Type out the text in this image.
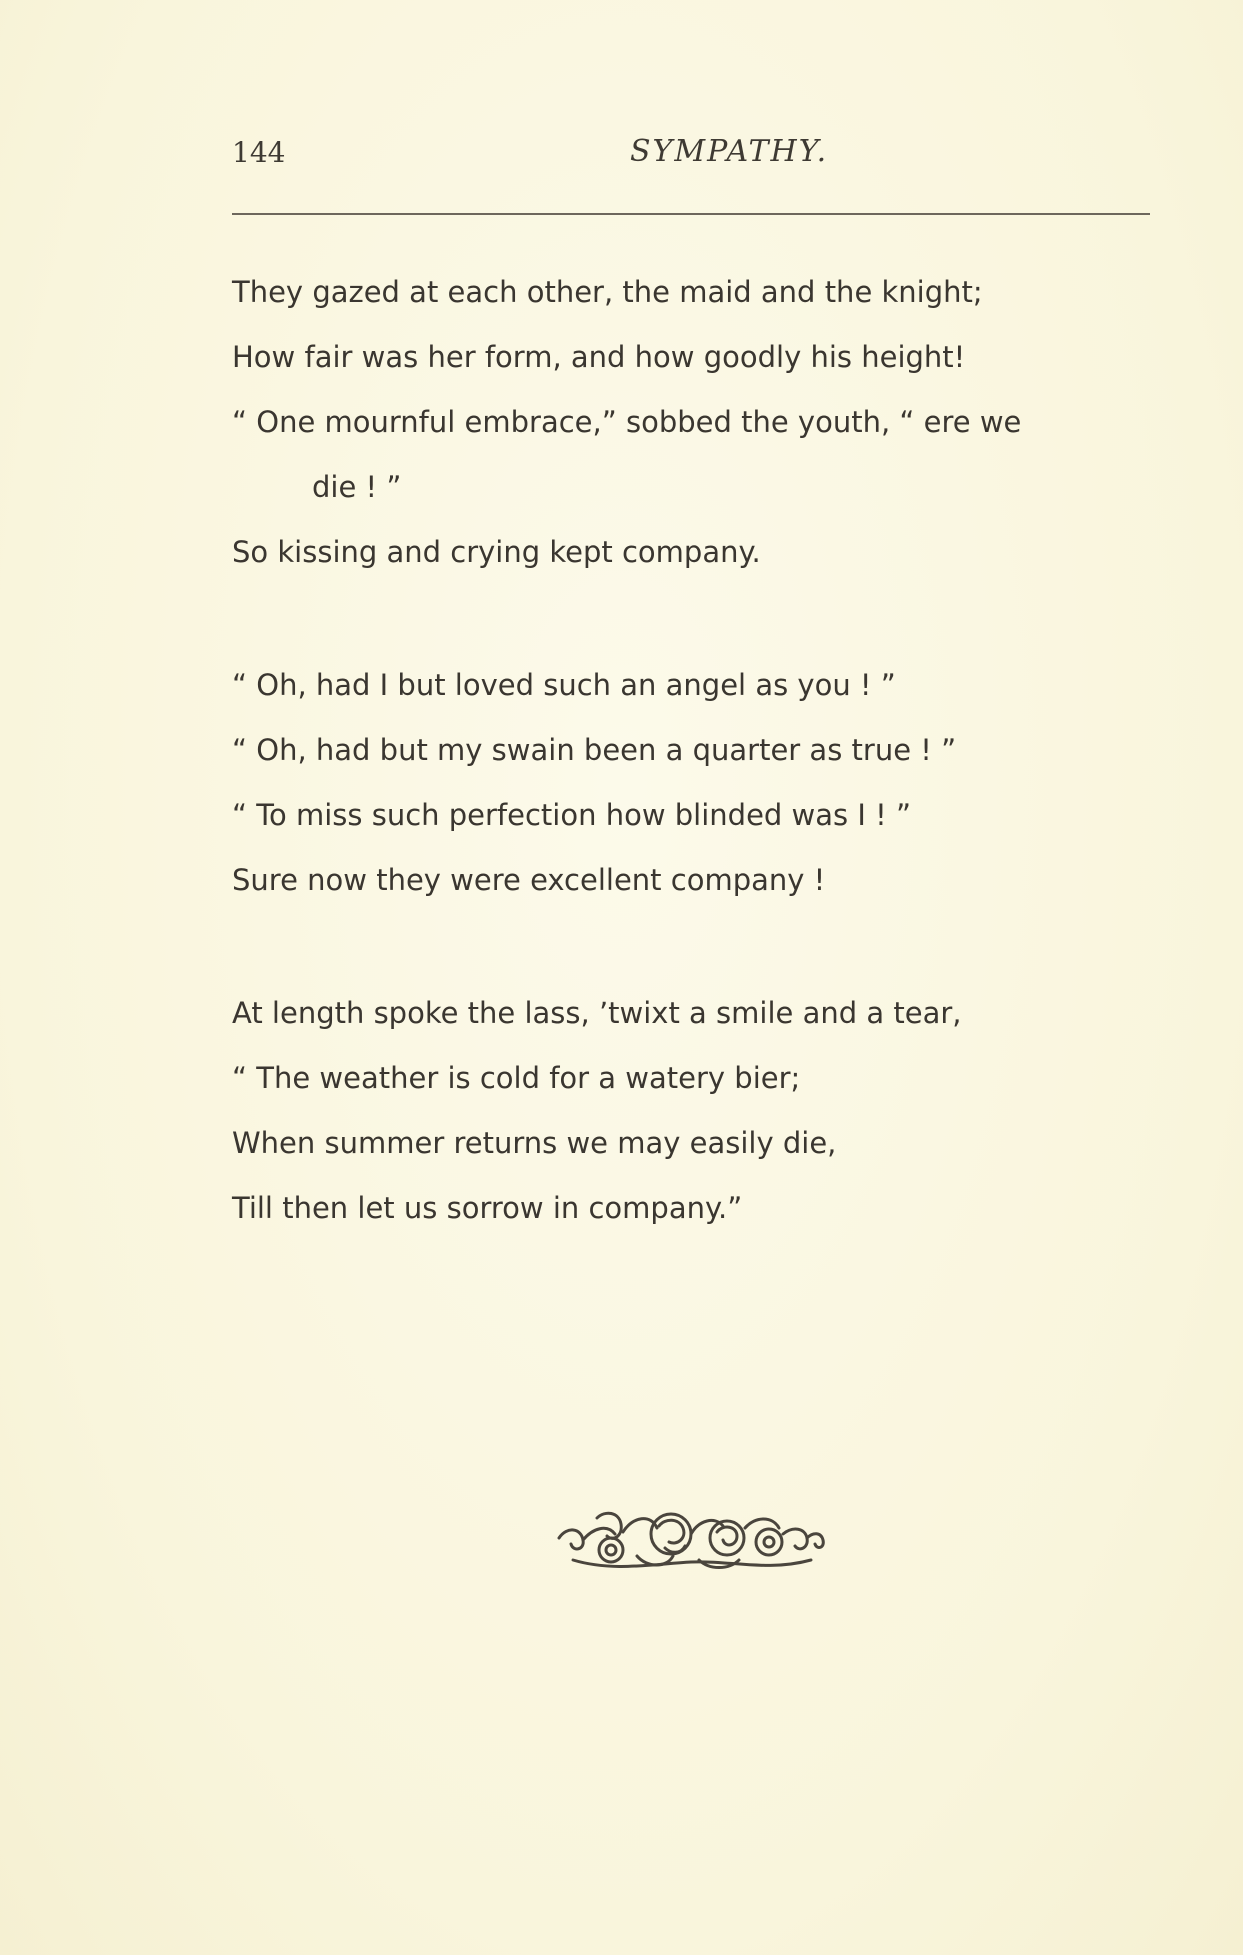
144	SYMPATHY.
They gazed at each other, the maid and the knight;
How fair was her form, and how goodly his height!
“ One mournful embrace,” sobbed the youth, “ ere we
die ! ”
So kissing and crying kept company.
“ Oh, had I but loved such an angel as you ! ”
“ Oh, had but my swain been a quarter as true ! ”
“ To miss such perfection how blinded was I ! ”
Sure now they were excellent company !
At length spoke the lass, ’twixt a smile and a tear,
“ The weather is cold for a watery bier;
When summer returns we may easily die,
Till then let us sorrow in company.”
